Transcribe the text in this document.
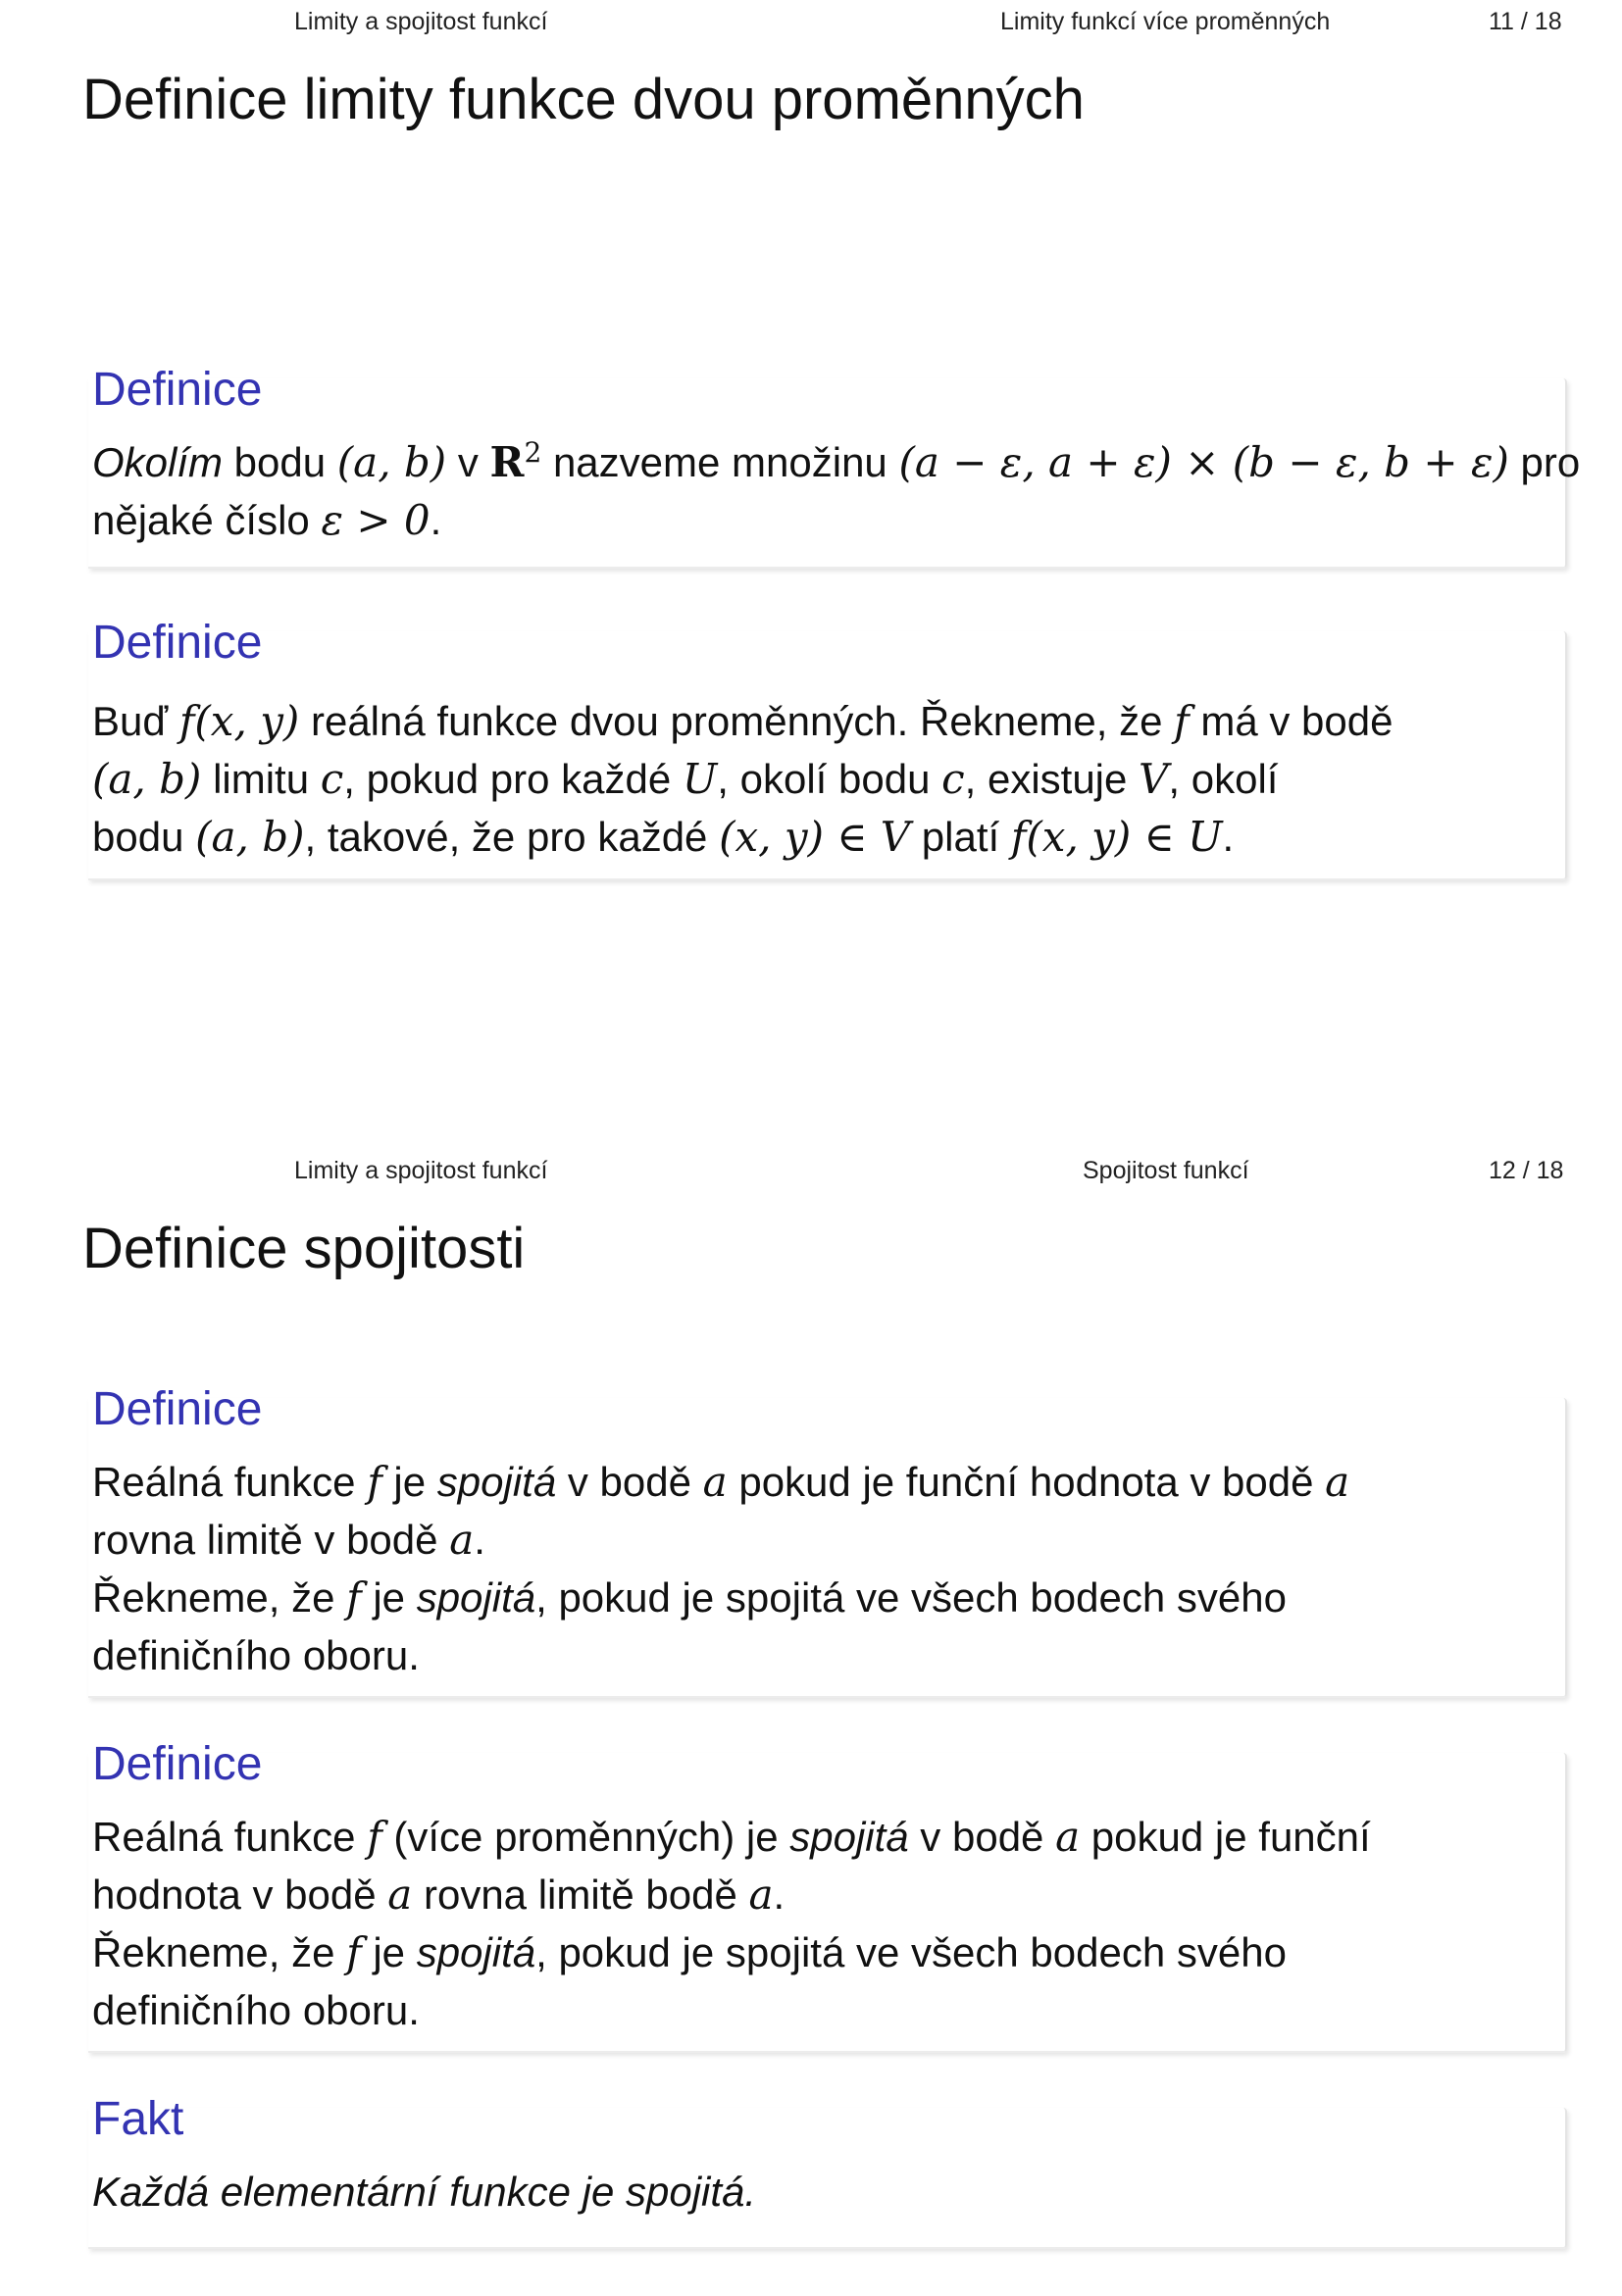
Limity a spojitost funkcí	Limity funkcí více proměnných	11 / 18
Definice limity funkce dvou proměnných
Definice
Okolím bodu (a, b) v $R^2$ nazveme množinu (a − ε, a + ε) × (b − ε, b + ε) pro
nějaké číslo ε > 0.
Definice
Buď f(x, y) reálná funkce dvou proměnných. Řekneme, že f má v bodě
(a, b) limitu c, pokud pro každé U, okolí bodu c, existuje V, okolí
bodu (a, b), takové, že pro každé (x, y) ∈ V platí f(x, y) ∈ U.
Limity a spojitost funkcí	Spojitost funkcí	12 / 18
Definice spojitosti
Definice
Reálná funkce f je spojitá v bodě a pokud je funční hodnota v bodě a
rovna limitě v bodě a.
Řekneme, že f je spojitá, pokud je spojitá ve všech bodech svého
definičního oboru.
Definice
Reálná funkce f (více proměnných) je spojitá v bodě a pokud je funční
hodnota v bodě a rovna limitě bodě a.
Řekneme, že f je spojitá, pokud je spojitá ve všech bodech svého
definičního oboru.
Fakt
Každá elementární funkce je spojitá.
